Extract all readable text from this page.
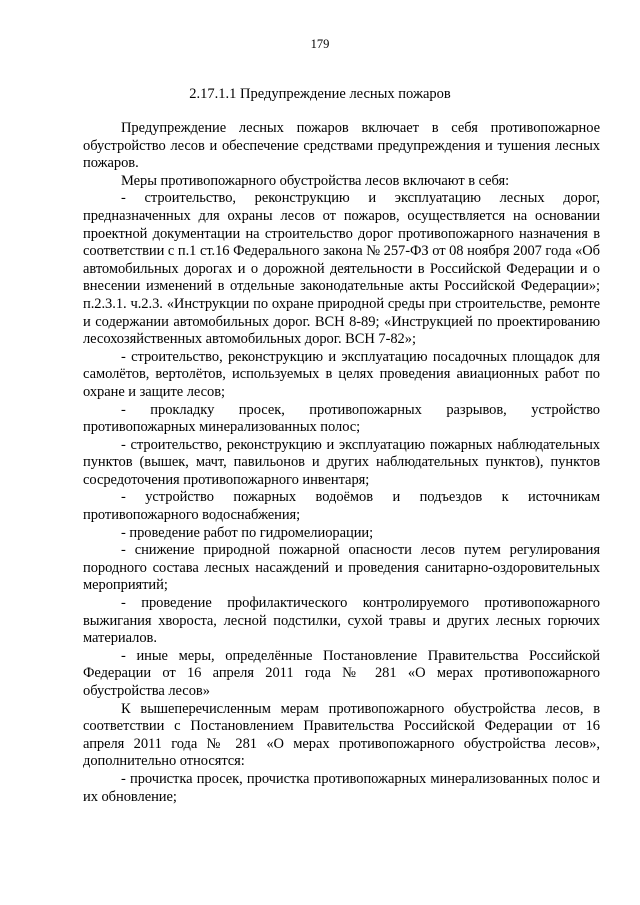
179
2.17.1.1 Предупреждение лесных пожаров

Предупреждение лесных пожаров включает в себя противопожарное обустройство лесов и обеспечение средствами предупреждения и тушения лесных пожаров.

Меры противопожарного обустройства лесов включают в себя:

- строительство, реконструкцию и эксплуатацию лесных дорог, предназначенных для охраны лесов от пожаров, осуществляется на основании проектной документации на строительство дорог противопожарного назначения в соответствии с п.1 ст.16 Федерального закона № 257-ФЗ от 08 ноября 2007 года «Об автомобильных дорогах и о дорожной деятельности в Российской Федерации и о внесении изменений в отдельные законодательные акты Российской Федерации»; п.2.3.1. ч.2.3. «Инструкции по охране природной среды при строительстве, ремонте и содержании автомобильных дорог. ВСН 8-89; «Инструкцией по проектированию лесохозяйственных автомобильных дорог. ВСН 7-82»;

- строительство, реконструкцию и эксплуатацию посадочных площадок для самолётов, вертолётов, используемых в целях проведения авиационных работ по охране и защите лесов;

- прокладку просек, противопожарных разрывов, устройство противопожарных минерализованных полос;

- строительство, реконструкцию и эксплуатацию пожарных наблюдательных пунктов (вышек, мачт, павильонов и других наблюдательных пунктов), пунктов сосредоточения противопожарного инвентаря;

- устройство пожарных водоёмов и подъездов к источникам противопожарного водоснабжения;

- проведение работ по гидромелиорации;

- снижение природной пожарной опасности лесов путем регулирования породного состава лесных насаждений и проведения санитарно-оздоровительных мероприятий;

- проведение профилактического контролируемого противопожарного выжигания хвороста, лесной подстилки, сухой травы и других лесных горючих материалов.

- иные меры, определённые Постановление Правительства Российской Федерации от 16 апреля 2011 года № 281 «О мерах противопожарного обустройства лесов»

К вышеперечисленным мерам противопожарного обустройства лесов, в соответствии с Постановлением Правительства Российской Федерации от 16 апреля 2011 года № 281 «О мерах противопожарного обустройства лесов», дополнительно относятся:

- прочистка просек, прочистка противопожарных минерализованных полос и их обновление;
